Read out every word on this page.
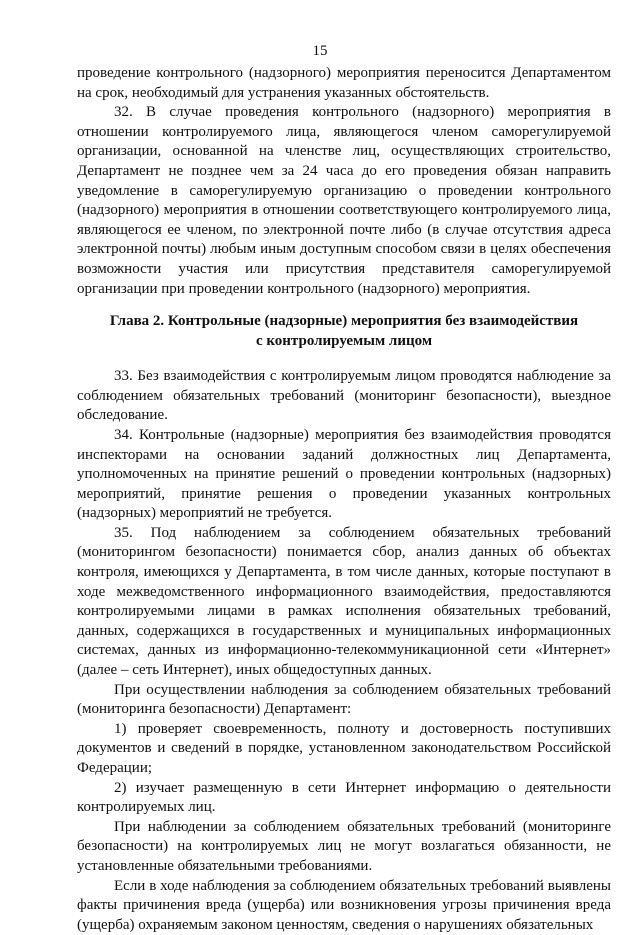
15

проведение контрольного (надзорного) мероприятия переносится Департаментом на срок, необходимый для устранения указанных обстоятельств.

32. В случае проведения контрольного (надзорного) мероприятия в отношении контролируемого лица, являющегося членом саморегулируемой организации, основанной на членстве лиц, осуществляющих строительство, Департамент не позднее чем за 24 часа до его проведения обязан направить уведомление в саморегулируемую организацию о проведении контрольного (надзорного) мероприятия в отношении соответствующего контролируемого лица, являющегося ее членом, по электронной почте либо (в случае отсутствия адреса электронной почты) любым иным доступным способом связи в целях обеспечения возможности участия или присутствия представителя саморегулируемой организации при проведении контрольного (надзорного) мероприятия.

Глава 2. Контрольные (надзорные) мероприятия без взаимодействия
с контролируемым лицом

33. Без взаимодействия с контролируемым лицом проводятся наблюдение за соблюдением обязательных требований (мониторинг безопасности), выездное обследование.

34. Контрольные (надзорные) мероприятия без взаимодействия проводятся инспекторами на основании заданий должностных лиц Департамента, уполномоченных на принятие решений о проведении контрольных (надзорных) мероприятий, принятие решения о проведении указанных контрольных (надзорных) мероприятий не требуется.

35. Под наблюдением за соблюдением обязательных требований (мониторингом безопасности) понимается сбор, анализ данных об объектах контроля, имеющихся у Департамента, в том числе данных, которые поступают в ходе межведомственного информационного взаимодействия, предоставляются контролируемыми лицами в рамках исполнения обязательных требований, данных, содержащихся в государственных и муниципальных информационных системах, данных из информационно-телекоммуникационной сети «Интернет» (далее – сеть Интернет), иных общедоступных данных.

При осуществлении наблюдения за соблюдением обязательных требований (мониторинга безопасности) Департамент:

1) проверяет своевременность, полноту и достоверность поступивших документов и сведений в порядке, установленном законодательством Российской Федерации;

2) изучает размещенную в сети Интернет информацию о деятельности контролируемых лиц.

При наблюдении за соблюдением обязательных требований (мониторинге безопасности) на контролируемых лиц не могут возлагаться обязанности, не установленные обязательными требованиями.

Если в ходе наблюдения за соблюдением обязательных требований выявлены факты причинения вреда (ущерба) или возникновения угрозы причинения вреда (ущерба) охраняемым законом ценностям, сведения о нарушениях обязательных
